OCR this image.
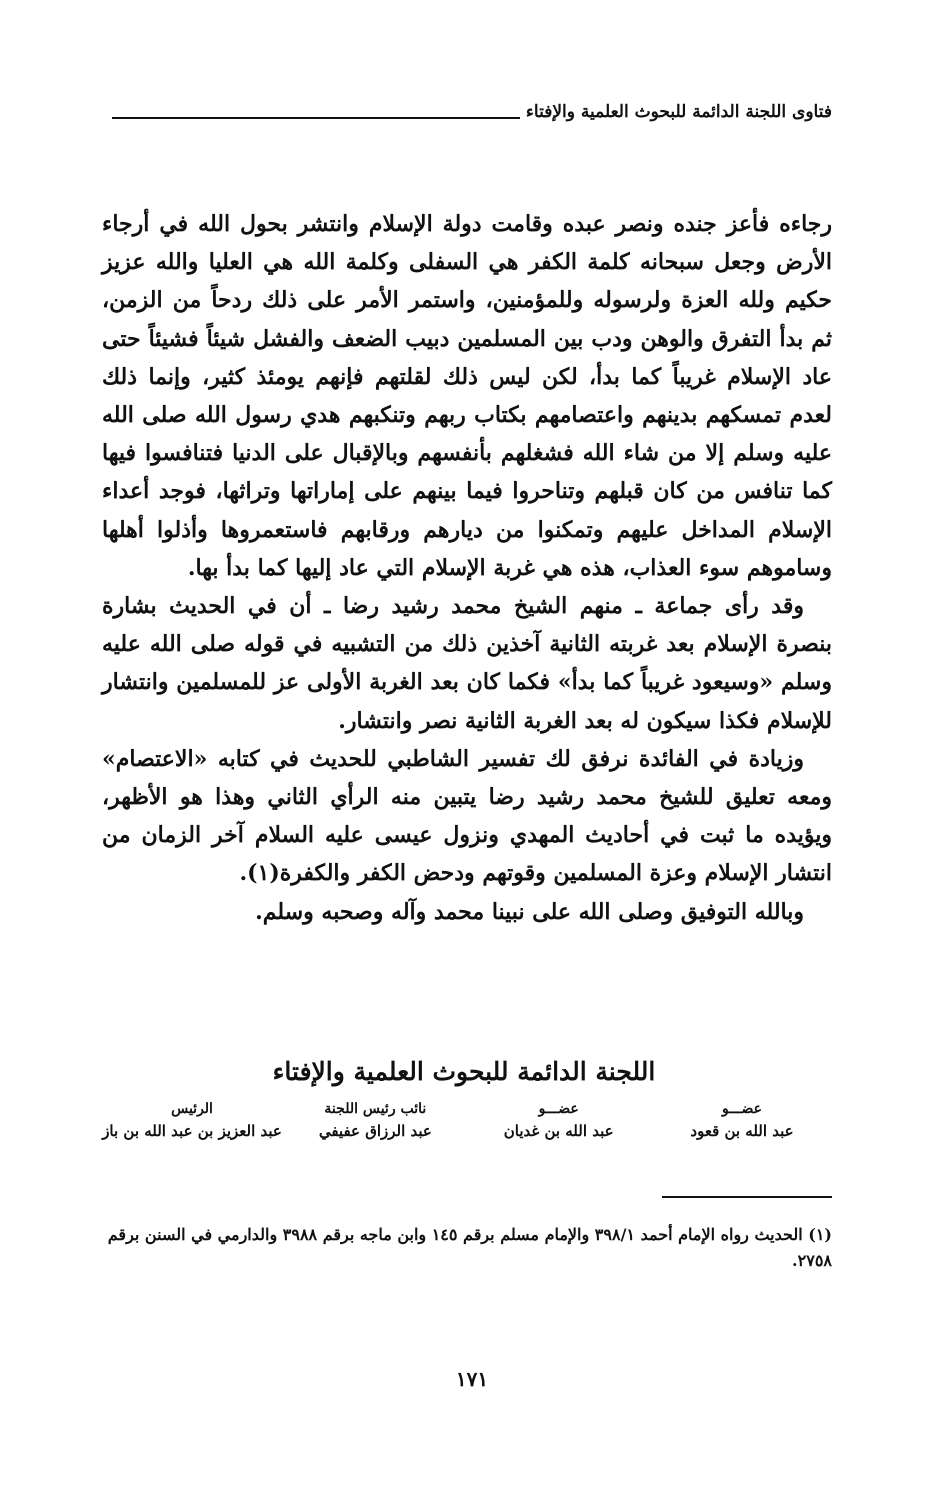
فتاوى اللجنة الدائمة للبحوث العلمية والإفتاء

رجاءه فأعز جنده ونصر عبده وقامت دولة الإسلام وانتشر بحول الله في أرجاء الأرض وجعل سبحانه كلمة الكفر هي السفلى وكلمة الله هي العليا والله عزيز حكيم ولله العزة ولرسوله وللمؤمنين، واستمر الأمر على ذلك ردحاً من الزمن، ثم بدأ التفرق والوهن ودب بين المسلمين دبيب الضعف والفشل شيئاً فشيئاً حتى عاد الإسلام غريباً كما بدأ، لكن ليس ذلك لقلتهم فإنهم يومئذ كثير، وإنما ذلك لعدم تمسكهم بدينهم واعتصامهم بكتاب ربهم وتنكبهم هدي رسول الله صلى الله عليه وسلم إلا من شاء الله فشغلهم بأنفسهم وبالإقبال على الدنيا فتنافسوا فيها كما تنافس من كان قبلهم وتناحروا فيما بينهم على إماراتها وتراثها، فوجد أعداء الإسلام المداخل عليهم وتمكنوا من ديارهم ورقابهم فاستعمروها وأذلوا أهلها وساموهم سوء العذاب، هذه هي غربة الإسلام التي عاد إليها كما بدأ بها.

وقد رأى جماعة ـ منهم الشيخ محمد رشيد رضا ـ أن في الحديث بشارة بنصرة الإسلام بعد غربته الثانية آخذين ذلك من التشبيه في قوله صلى الله عليه وسلم «وسيعود غريباً كما بدأ» فكما كان بعد الغربة الأولى عز للمسلمين وانتشار للإسلام فكذا سيكون له بعد الغربة الثانية نصر وانتشار.

وزيادة في الفائدة نرفق لك تفسير الشاطبي للحديث في كتابه «الاعتصام» ومعه تعليق للشيخ محمد رشيد رضا يتبين منه الرأي الثاني وهذا هو الأظهر، ويؤيده ما ثبت في أحاديث المهدي ونزول عيسى عليه السلام آخر الزمان من انتشار الإسلام وعزة المسلمين وقوتهم ودحض الكفر والكفرة(١).

وبالله التوفيق وصلى الله على نبينا محمد وآله وصحبه وسلم.

اللجنة الدائمة للبحوث العلمية والإفتاء
عضـــو
عبد الله بن قعود
عضـــو
عبد الله بن غديان
نائب رئيس اللجنة
عبد الرزاق عفيفي
الرئيس
عبد العزيز بن عبد الله بن باز
(١) الحديث رواه الإمام أحمد ٣٩٨/١ والإمام مسلم برقم ١٤٥ وابن ماجه برقم ٣٩٨٨ والدارمي في السنن برقم ٢٧٥٨.
١٧١
